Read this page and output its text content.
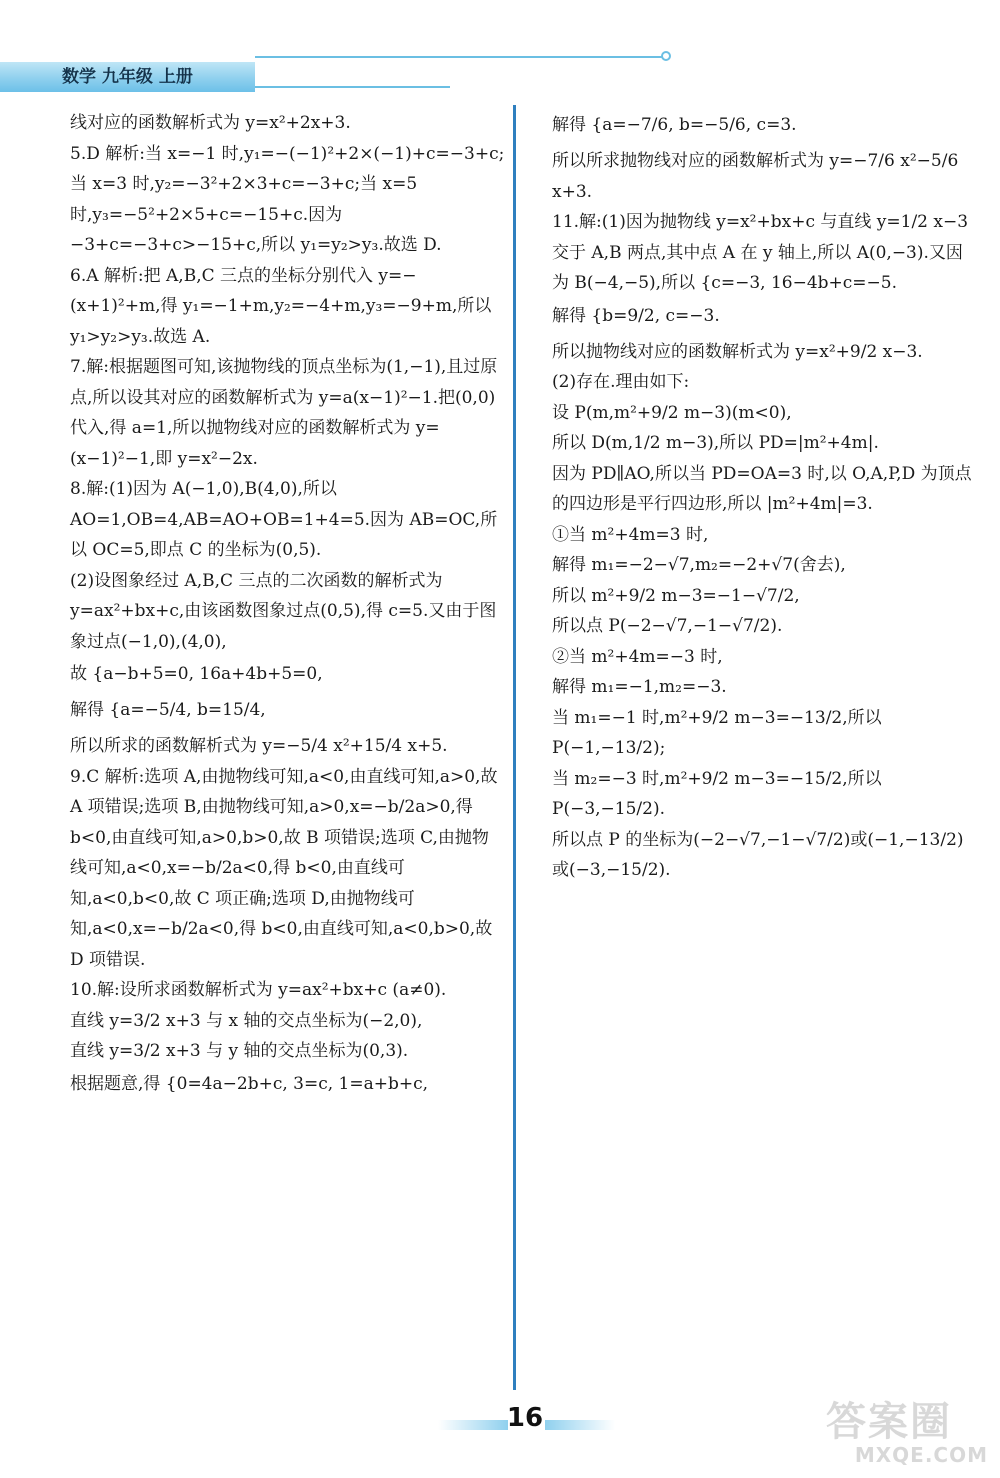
数学 九年级 上册

线对应的函数解析式为 y=x²+2x+3.

5.D 解析:当 x=−1 时,y₁=−(−1)²+2×(−1)+c=−3+c;当 x=3 时,y₂=−3²+2×3+c=−3+c;当 x=5 时,y₃=−5²+2×5+c=−15+c.因为 −3+c=−3+c>−15+c,所以 y₁=y₂>y₃.故选 D.

6.A 解析:把 A,B,C 三点的坐标分别代入 y=−(x+1)²+m,得 y₁=−1+m,y₂=−4+m,y₃=−9+m,所以 y₁>y₂>y₃.故选 A.

7.解:根据题图可知,该抛物线的顶点坐标为(1,−1),且过原点,所以设其对应的函数解析式为 y=a(x−1)²−1.把(0,0)代入,得 a=1,所以抛物线对应的函数解析式为 y=(x−1)²−1,即 y=x²−2x.

8.解:(1)因为 A(−1,0),B(4,0),所以 AO=1,OB=4,AB=AO+OB=1+4=5.因为 AB=OC,所以 OC=5,即点 C 的坐标为(0,5).

(2)设图象经过 A,B,C 三点的二次函数的解析式为 y=ax²+bx+c,由该函数图象过点(0,5),得 c=5.又由于图象过点(−1,0),(4,0),

故 {a−b+5=0, 16a+4b+5=0,

解得 {a=−5/4, b=15/4,

所以所求的函数解析式为 y=−5/4 x²+15/4 x+5.

9.C 解析:选项 A,由抛物线可知,a<0,由直线可知,a>0,故 A 项错误;选项 B,由抛物线可知,a>0,x=−b/2a>0,得 b<0,由直线可知,a>0,b>0,故 B 项错误;选项 C,由抛物线可知,a<0,x=−b/2a<0,得 b<0,由直线可知,a<0,b<0,故 C 项正确;选项 D,由抛物线可知,a<0,x=−b/2a<0,得 b<0,由直线可知,a<0,b>0,故 D 项错误.

10.解:设所求函数解析式为 y=ax²+bx+c (a≠0).

直线 y=3/2 x+3 与 x 轴的交点坐标为(−2,0),

直线 y=3/2 x+3 与 y 轴的交点坐标为(0,3).

根据题意,得 {0=4a−2b+c, 3=c, 1=a+b+c,

解得 {a=−7/6, b=−5/6, c=3.

所以所求抛物线对应的函数解析式为 y=−7/6 x²−5/6 x+3.

11.解:(1)因为抛物线 y=x²+bx+c 与直线 y=1/2 x−3 交于 A,B 两点,其中点 A 在 y 轴上,所以 A(0,−3).又因为 B(−4,−5),所以 {c=−3, 16−4b+c=−5.

解得 {b=9/2, c=−3.

所以抛物线对应的函数解析式为 y=x²+9/2 x−3.

(2)存在.理由如下:

设 P(m,m²+9/2 m−3)(m<0),

所以 D(m,1/2 m−3),所以 PD=|m²+4m|.

因为 PD∥AO,所以当 PD=OA=3 时,以 O,A,P,D 为顶点的四边形是平行四边形,所以 |m²+4m|=3.

①当 m²+4m=3 时,

解得 m₁=−2−√7,m₂=−2+√7(舍去),

所以 m²+9/2 m−3=−1−√7/2,

所以点 P(−2−√7,−1−√7/2).

②当 m²+4m=−3 时,

解得 m₁=−1,m₂=−3.

当 m₁=−1 时,m²+9/2 m−3=−13/2,所以 P(−1,−13/2);

当 m₂=−3 时,m²+9/2 m−3=−15/2,所以 P(−3,−15/2).

所以点 P 的坐标为(−2−√7,−1−√7/2)或(−1,−13/2)或(−3,−15/2).

16	答案圈
MXQE.COM
